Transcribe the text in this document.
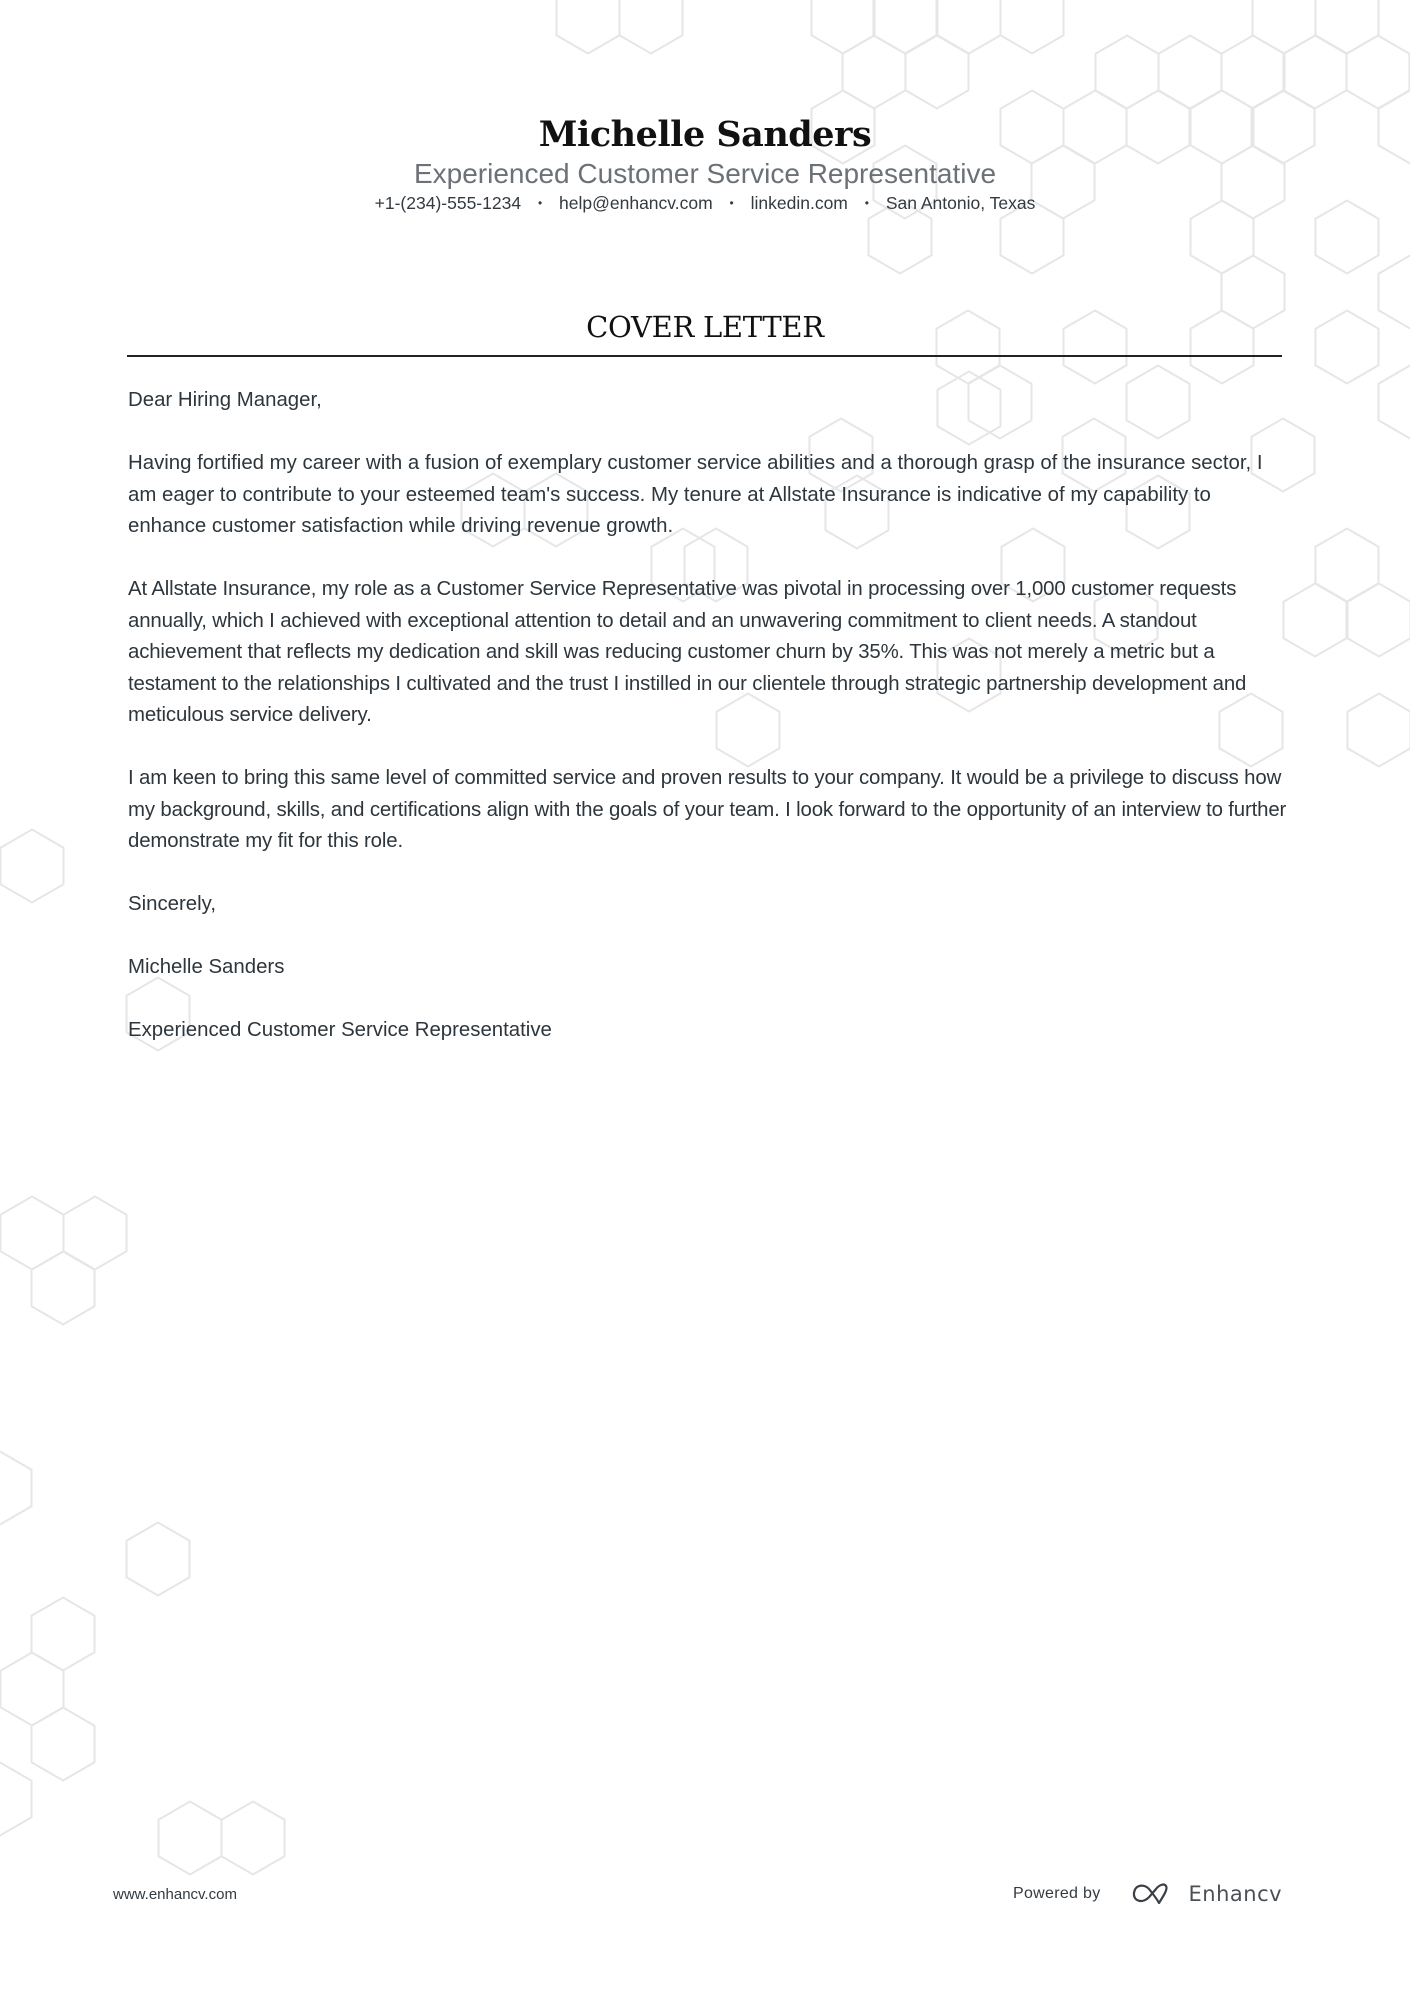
Michelle Sanders
Experienced Customer Service Representative
+1-(234)-555-1234 • help@enhancv.com • linkedin.com • San Antonio, Texas
COVER LETTER

Dear Hiring Manager,

Having fortified my career with a fusion of exemplary customer service abilities and a thorough grasp of the insurance sector, I am eager to contribute to your esteemed team's success. My tenure at Allstate Insurance is indicative of my capability to enhance customer satisfaction while driving revenue growth.

At Allstate Insurance, my role as a Customer Service Representative was pivotal in processing over 1,000 customer requests annually, which I achieved with exceptional attention to detail and an unwavering commitment to client needs. A standout achievement that reflects my dedication and skill was reducing customer churn by 35%. This was not merely a metric but a testament to the relationships I cultivated and the trust I instilled in our clientele through strategic partnership development and meticulous service delivery.

I am keen to bring this same level of committed service and proven results to your company. It would be a privilege to discuss how my background, skills, and certifications align with the goals of your team. I look forward to the opportunity of an interview to further demonstrate my fit for this role.

Sincerely,

Michelle Sanders

Experienced Customer Service Representative

www.enhancv.com	Powered by	Enhancv
